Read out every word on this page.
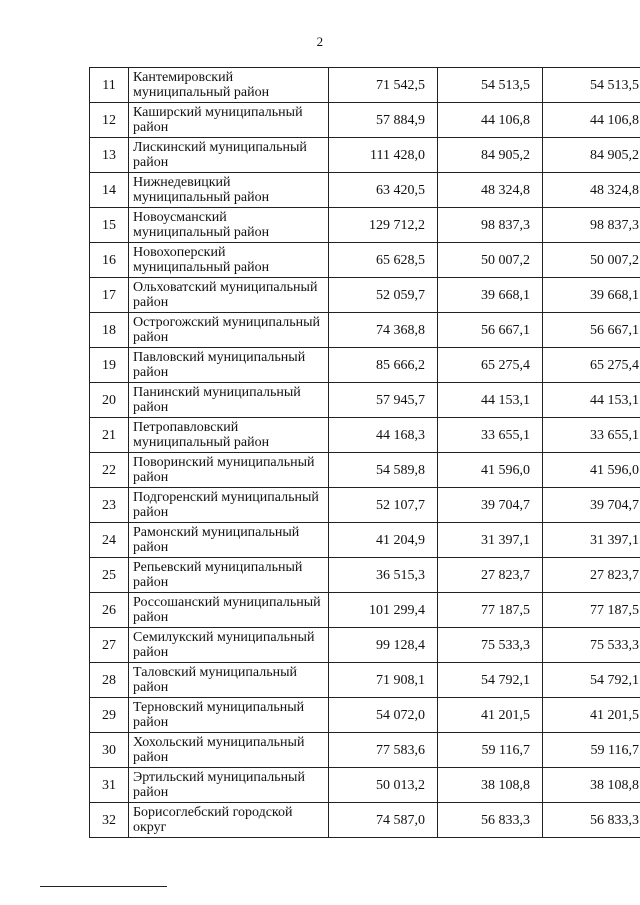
2
11	Кантемировский муниципальный район	71 542,5	54 513,5	54 513,5
12	Каширский муниципальный район	57 884,9	44 106,8	44 106,8
13	Лискинский муниципальный район	111 428,0	84 905,2	84 905,2
14	Нижнедевицкий муниципальный район	63 420,5	48 324,8	48 324,8
15	Новоусманский муниципальный район	129 712,2	98 837,3	98 837,3
16	Новохоперский муниципальный район	65 628,5	50 007,2	50 007,2
17	Ольховатский муниципальный район	52 059,7	39 668,1	39 668,1
18	Острогожский муниципальный район	74 368,8	56 667,1	56 667,1
19	Павловский муниципальный район	85 666,2	65 275,4	65 275,4
20	Панинский муниципальный район	57 945,7	44 153,1	44 153,1
21	Петропавловский муниципальный район	44 168,3	33 655,1	33 655,1
22	Поворинский муниципальный район	54 589,8	41 596,0	41 596,0
23	Подгоренский муниципальный район	52 107,7	39 704,7	39 704,7
24	Рамонский муниципальный район	41 204,9	31 397,1	31 397,1
25	Репьевский муниципальный район	36 515,3	27 823,7	27 823,7
26	Россошанский муниципальный район	101 299,4	77 187,5	77 187,5
27	Семилукский муниципальный район	99 128,4	75 533,3	75 533,3
28	Таловский муниципальный район	71 908,1	54 792,1	54 792,1
29	Терновский муниципальный район	54 072,0	41 201,5	41 201,5
30	Хохольский муниципальный район	77 583,6	59 116,7	59 116,7
31	Эртильский муниципальный район	50 013,2	38 108,8	38 108,8
32	Борисоглебский городской округ	74 587,0	56 833,3	56 833,3
